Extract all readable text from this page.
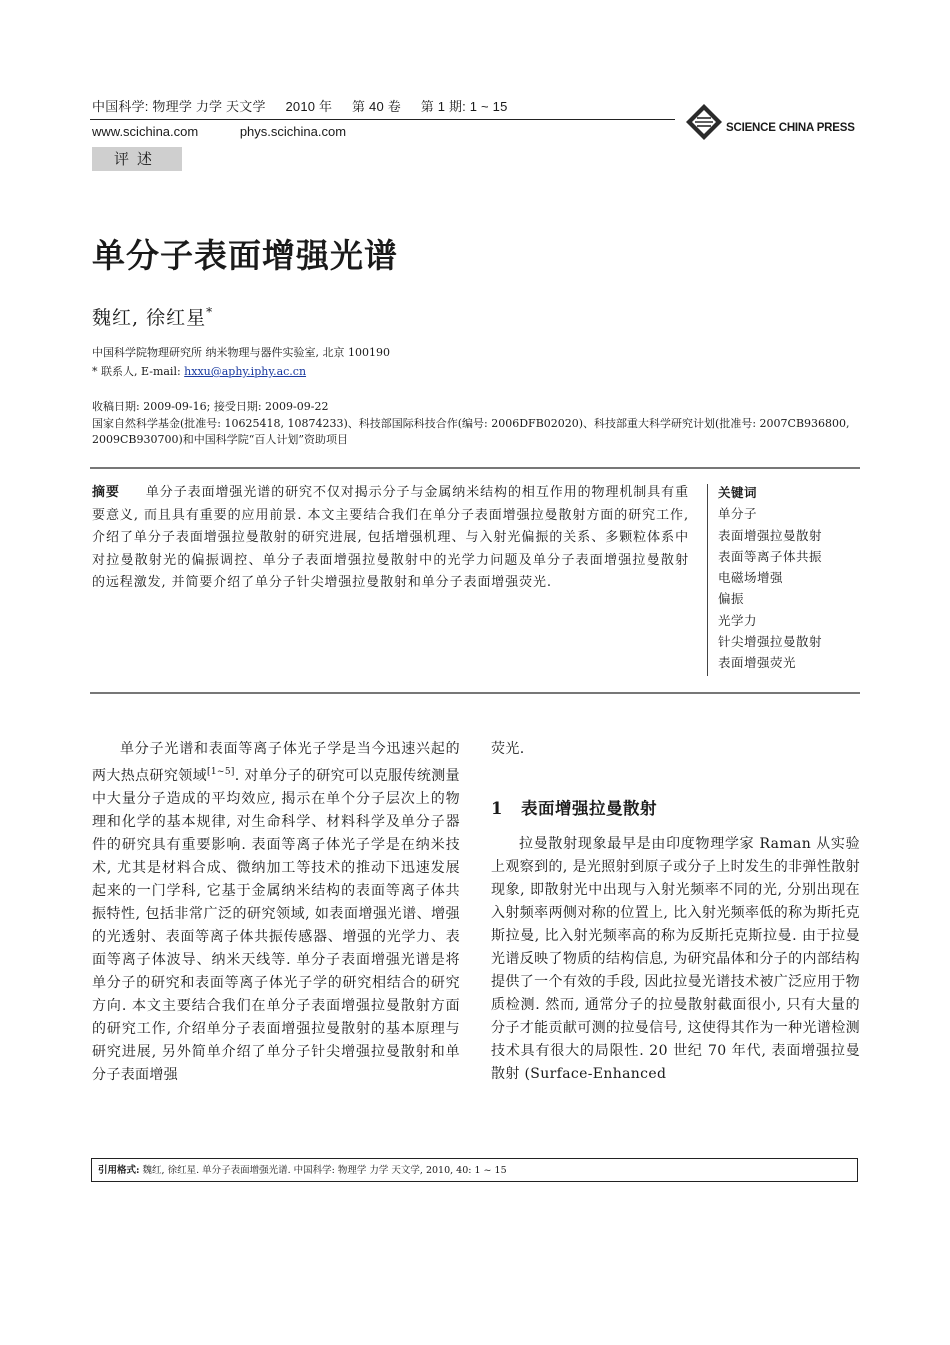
中国科学: 物理学 力学 天文学 2010 年 第 40 卷 第 1 期: 1 ~ 15
www.scichina.com	phys.scichina.com	SCIENCE CHINA PRESS
评述
单分子表面增强光谱
魏红, 徐红星*
中国科学院物理研究所 纳米物理与器件实验室, 北京 100190
* 联系人, E-mail: hxxu@aphy.iphy.ac.cn
收稿日期: 2009-09-16; 接受日期: 2009-09-22
国家自然科学基金(批准号: 10625418, 10874233)、科技部国际科技合作(编号: 2006DFB02020)、科技部重大科学研究计划(批准号: 2007CB936800, 2009CB930700)和中国科学院“百人计划”资助项目
摘要 单分子表面增强光谱的研究不仅对揭示分子与金属纳米结构的相互作用的物理机制具有重要意义, 而且具有重要的应用前景. 本文主要结合我们在单分子表面增强拉曼散射方面的研究工作, 介绍了单分子表面增强拉曼散射的研究进展, 包括增强机理、与入射光偏振的关系、多颗粒体系中对拉曼散射光的偏振调控、单分子表面增强拉曼散射中的光学力问题及单分子表面增强拉曼散射的远程激发, 并简要介绍了单分子针尖增强拉曼散射和单分子表面增强荧光.
关键词
单分子
表面增强拉曼散射
表面等离子体共振
电磁场增强
偏振
光学力
针尖增强拉曼散射
表面增强荧光

单分子光谱和表面等离子体光子学是当今迅速兴起的两大热点研究领域[1~5]. 对单分子的研究可以克服传统测量中大量分子造成的平均效应, 揭示在单个分子层次上的物理和化学的基本规律, 对生命科学、材料科学及单分子器件的研究具有重要影响. 表面等离子体光子学是在纳米技术, 尤其是材料合成、微纳加工等技术的推动下迅速发展起来的一门学科, 它基于金属纳米结构的表面等离子体共振特性, 包括非常广泛的研究领域, 如表面增强光谱、增强的光透射、表面等离子体共振传感器、增强的光学力、表面等离子体波导、纳米天线等. 单分子表面增强光谱是将单分子的研究和表面等离子体光子学的研究相结合的研究方向. 本文主要结合我们在单分子表面增强拉曼散射方面的研究工作, 介绍单分子表面增强拉曼散射的基本原理与研究进展, 另外简单介绍了单分子针尖增强拉曼散射和单分子表面增强

荧光.
1 表面增强拉曼散射

拉曼散射现象最早是由印度物理学家 Raman 从实验上观察到的, 是光照射到原子或分子上时发生的非弹性散射现象, 即散射光中出现与入射光频率不同的光, 分别出现在入射频率两侧对称的位置上, 比入射光频率低的称为斯托克斯拉曼, 比入射光频率高的称为反斯托克斯拉曼. 由于拉曼光谱反映了物质的结构信息, 为研究晶体和分子的内部结构提供了一个有效的手段, 因此拉曼光谱技术被广泛应用于物质检测. 然而, 通常分子的拉曼散射截面很小, 只有大量的分子才能贡献可测的拉曼信号, 这使得其作为一种光谱检测技术具有很大的局限性. 20 世纪 70 年代, 表面增强拉曼散射 (Surface-Enhanced

引用格式: 魏红, 徐红星. 单分子表面增强光谱. 中国科学: 物理学 力学 天文学, 2010, 40: 1 ~ 15
